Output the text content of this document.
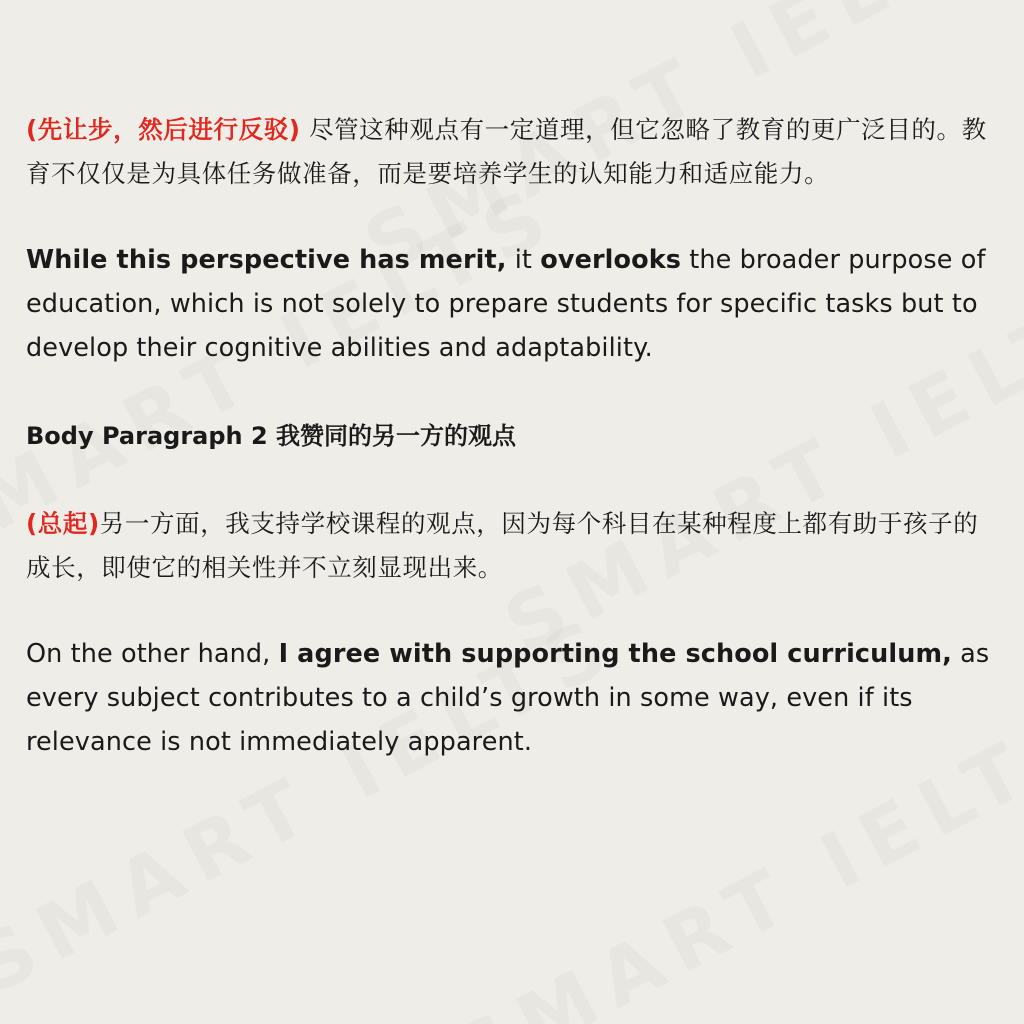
(先让步，然后进行反驳) 尽管这种观点有一定道理，但它忽略了教育的更广泛目的。教育不仅仅是为具体任务做准备，而是要培养学生的认知能力和适应能力。

While this perspective has merit, it overlooks the broader purpose of education, which is not solely to prepare students for specific tasks but to develop their cognitive abilities and adaptability.

Body Paragraph 2 我赞同的另一方的观点

(总起)另一方面，我支持学校课程的观点，因为每个科目在某种程度上都有助于孩子的成长，即使它的相关性并不立刻显现出来。

On the other hand, I agree with supporting the school curriculum, as every subject contributes to a child’s growth in some way, even if its relevance is not immediately apparent.
